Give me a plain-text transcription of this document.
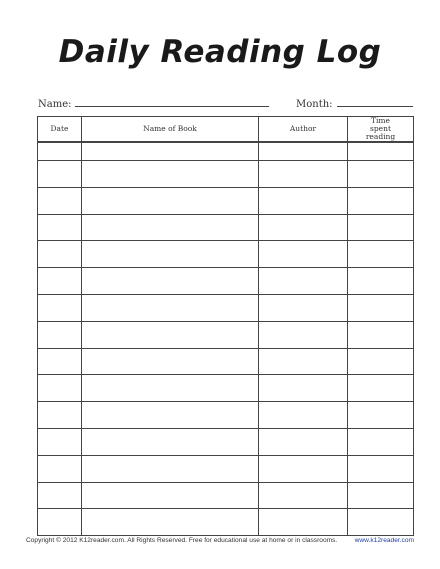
Daily Reading Log
Name:	Month:
Date	Name of Book	Author	Time spent reading

Copyright © 2012 K12reader.com. All Rights Reserved. Free for educational use at home or in classrooms.	www.k12reader.com
